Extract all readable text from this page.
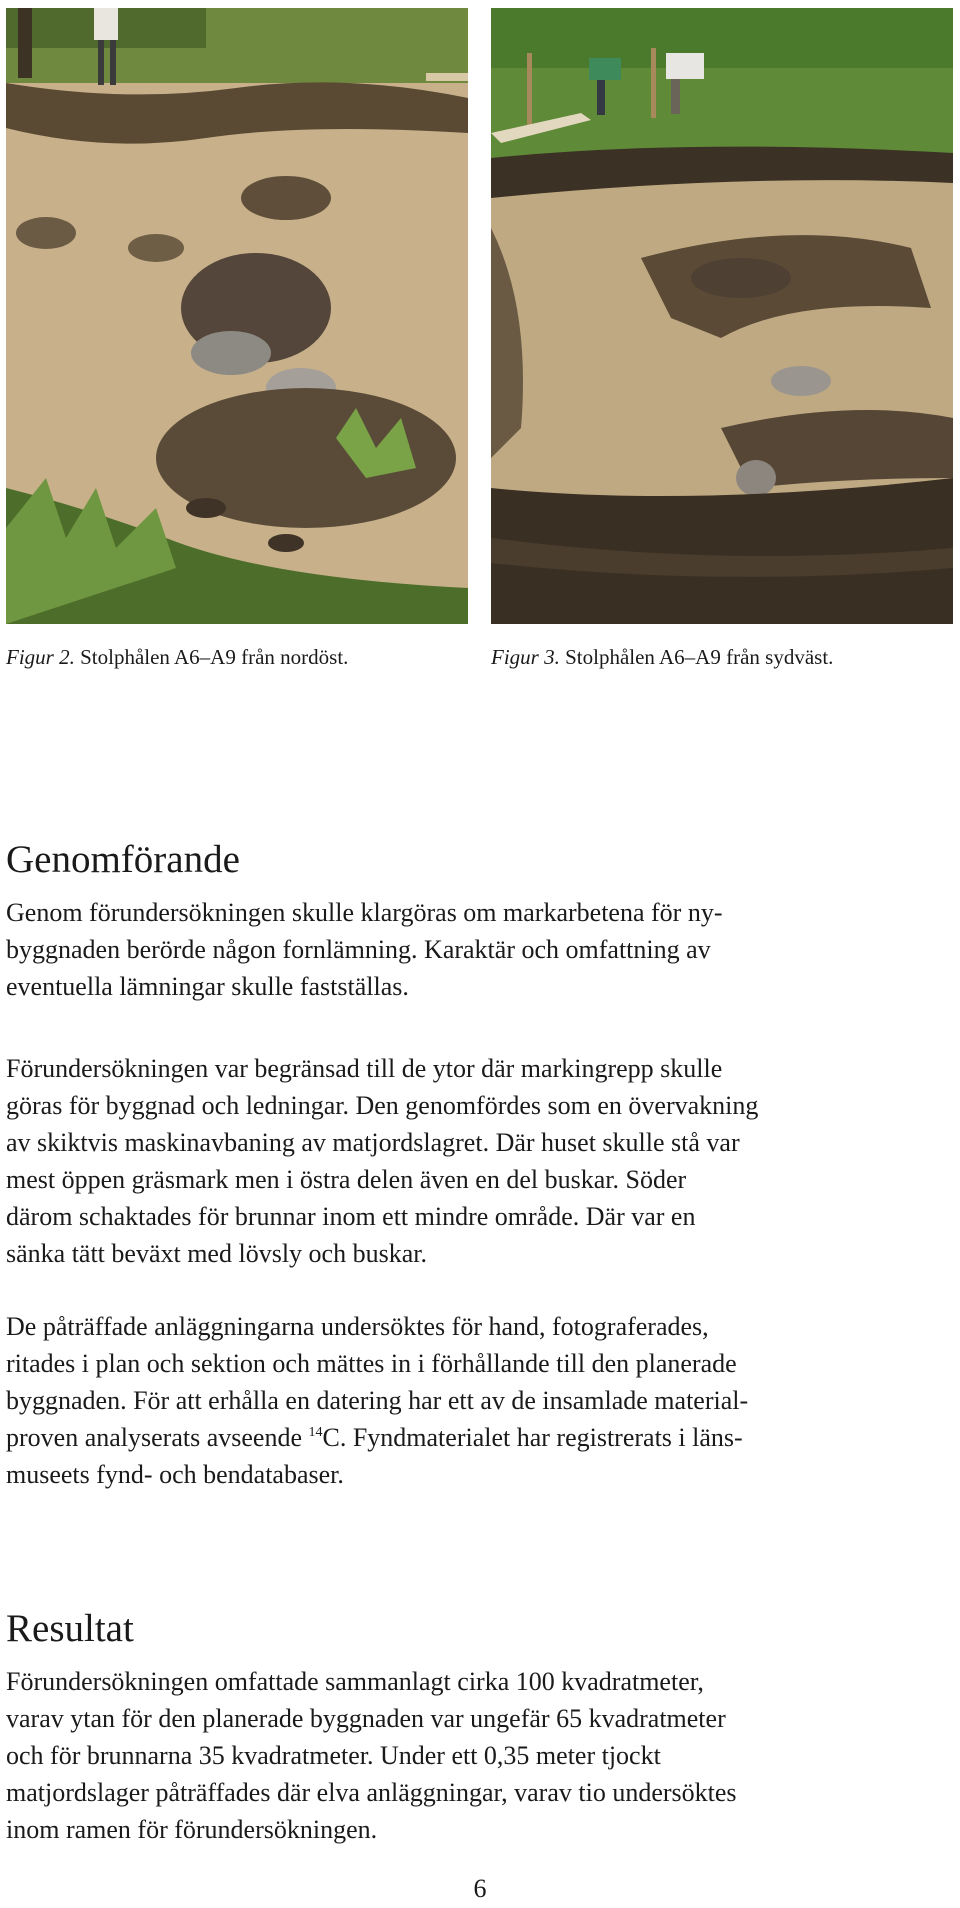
Figur 2. Stolphålen A6–A9 från nordöst.	Figur 3. Stolphålen A6–A9 från sydväst.
Genomförande

Genom förundersökningen skulle klargöras om markarbetena för ny-
byggnaden berörde någon fornlämning. Karaktär och omfattning av
eventuella lämningar skulle fastställas.

Förundersökningen var begränsad till de ytor där markingrepp skulle
göras för byggnad och ledningar. Den genomfördes som en övervakning
av skiktvis maskinavbaning av matjordslagret. Där huset skulle stå var
mest öppen gräsmark men i östra delen även en del buskar. Söder
därom schaktades för brunnar inom ett mindre område. Där var en
sänka tätt beväxt med lövsly och buskar.

De påträffade anläggningarna undersöktes för hand, fotograferades,
ritades i plan och sektion och mättes in i förhållande till den planerade
byggnaden. För att erhålla en datering har ett av de insamlade material-
proven analyserats avseende $^{14}$C. Fyndmaterialet har registrerats i läns-
museets fynd- och bendatabaser.

Resultat

Förundersökningen omfattade sammanlagt cirka 100 kvadratmeter,
varav ytan för den planerade byggnaden var ungefär 65 kvadratmeter
och för brunnarna 35 kvadratmeter. Under ett 0,35 meter tjockt
matjordslager påträffades där elva anläggningar, varav tio undersöktes
inom ramen för förundersökningen.

6
